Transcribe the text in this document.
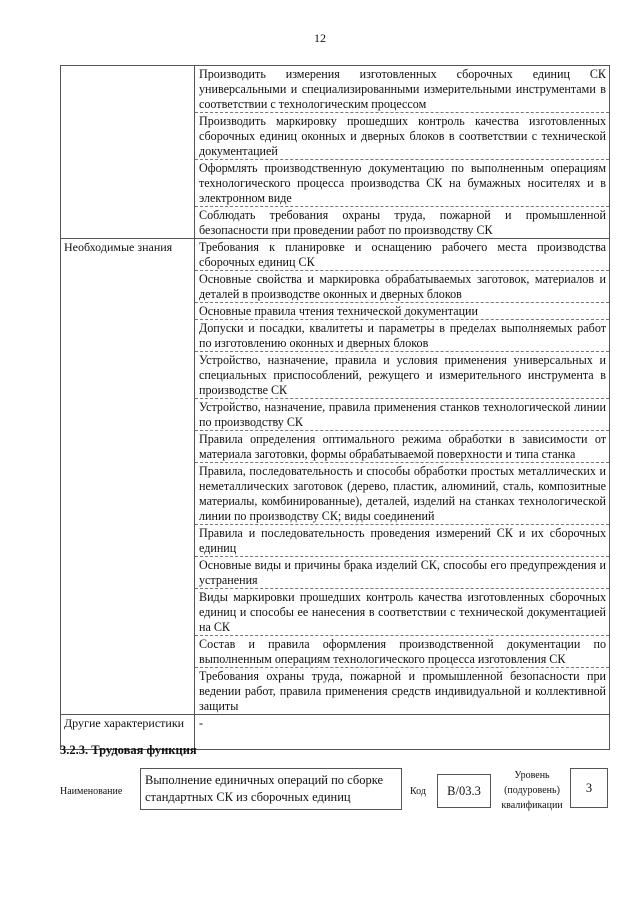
12
Производить измерения изготовленных сборочных единиц СК универсальными и специализированными измерительными инструментами в соответствии с технологическим процессом
Производить маркировку прошедших контроль качества изготовленных сборочных единиц оконных и дверных блоков в соответствии с технической документацией
Оформлять производственную документацию по выполненным операциям технологического процесса производства СК на бумажных носителях и в электронном виде
Соблюдать требования охраны труда, пожарной и промышленной безопасности при проведении работ по производству СК
Необходимые знания	Требования к планировке и оснащению рабочего места производства сборочных единиц СК
Основные свойства и маркировка обрабатываемых заготовок, материалов и деталей в производстве оконных и дверных блоков
Основные правила чтения технической документации
Допуски и посадки, квалитеты и параметры в пределах выполняемых работ по изготовлению оконных и дверных блоков
Устройство, назначение, правила и условия применения универсальных и специальных приспособлений, режущего и измерительного инструмента в производстве СК
Устройство, назначение, правила применения станков технологической линии по производству СК
Правила определения оптимального режима обработки в зависимости от материала заготовки, формы обрабатываемой поверхности и типа станка
Правила, последовательность и способы обработки простых металлических и неметаллических заготовок (дерево, пластик, алюминий, сталь, композитные материалы, комбинированные), деталей, изделий на станках технологической линии по производству СК; виды соединений
Правила и последовательность проведения измерений СК и их сборочных единиц
Основные виды и причины брака изделий СК, способы его предупреждения и устранения
Виды маркировки прошедших контроль качества изготовленных сборочных единиц и способы ее нанесения в соответствии с технической документацией на СК
Состав и правила оформления производственной документации по выполненным операциям технологического процесса изготовления СК
Требования охраны труда, пожарной и промышленной безопасности при ведении работ, правила применения средств индивидуальной и коллективной защиты
Другие характеристики	-
3.2.3. Трудовая функция
Наименование
Выполнение единичных операций по сборке стандартных СК из сборочных единиц	Код	В/03.3
Уровень (подуровень) квалификации
3
